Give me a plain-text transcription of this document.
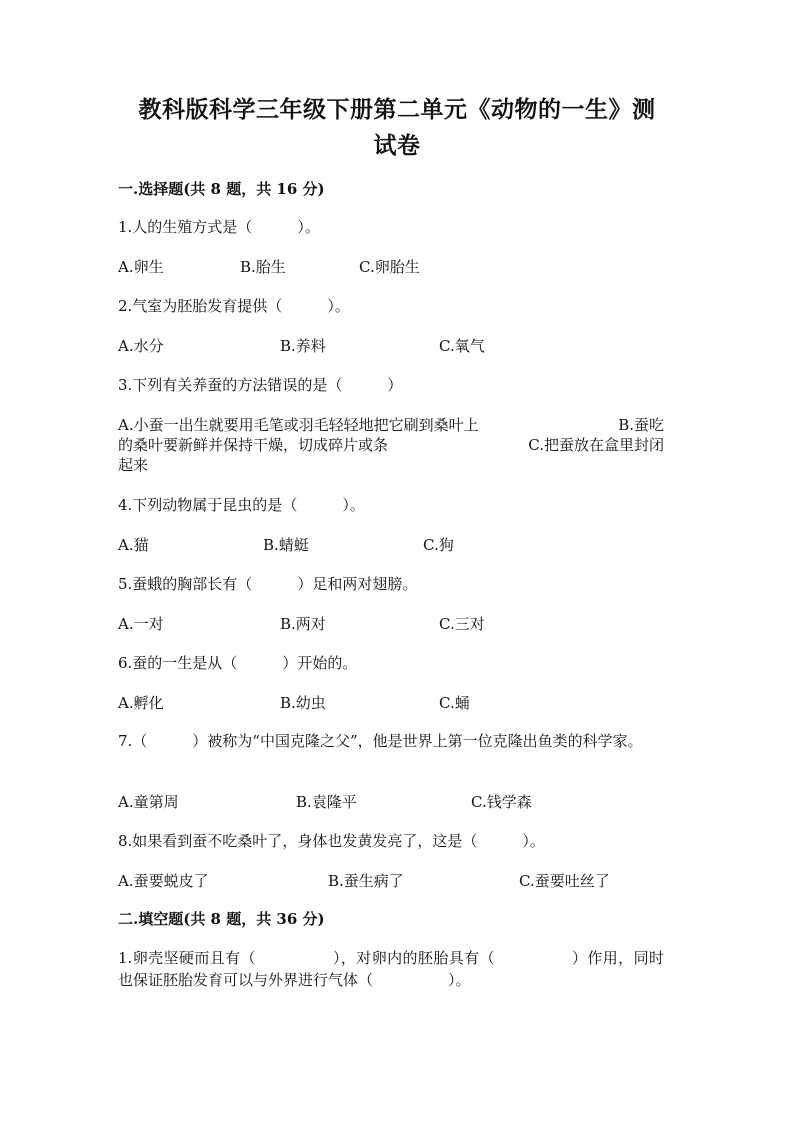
教科版科学三年级下册第二单元《动物的一生》测
试卷
一.选择题(共 8 题，共 16 分)
1.人的生殖方式是（　　　）。
A.卵生	B.胎生	C.卵胎生
2.气室为胚胎发育提供（　　　）。
A.水分	B.养料	C.氧气
3.下列有关养蚕的方法错误的是（　　　）
A.小蚕一出生就要用毛笔或羽毛轻轻地把它刷到桑叶上	B.蚕吃
的桑叶要新鲜并保持干燥，切成碎片或条	C.把蚕放在盒里封闭
起来
4.下列动物属于昆虫的是（　　　）。
A.猫	B.蜻蜓	C.狗
5.蚕蛾的胸部长有（　　　）足和两对翅膀。
A.一对	B.两对	C.三对
6.蚕的一生是从（　　　）开始的。
A.孵化	B.幼虫	C.蛹
7.（　　　）被称为“中国克隆之父”，他是世界上第一位克隆出鱼类的科学家。
A.童第周	B.袁隆平	C.钱学森
8.如果看到蚕不吃桑叶了，身体也发黄发亮了，这是（　　　）。
A.蚕要蜕皮了	B.蚕生病了	C.蚕要吐丝了
二.填空题(共 8 题，共 36 分)
1.卵壳坚硬而且有（　　　　　），对卵内的胚胎具有（　　　　　）作用，同时也保证胚胎发育可以与外界进行气体（　　　　　）。
